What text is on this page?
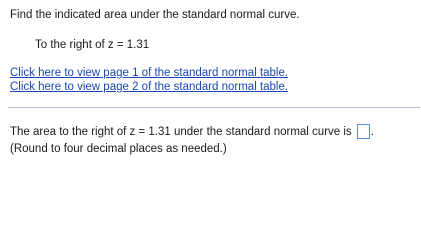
Find the indicated area under the standard normal curve.
To the right of z = 1.31
Click here to view page 1 of the standard normal table.
Click here to view page 2 of the standard normal table.
The area to the right of z = 1.31 under the standard normal curve is .
(Round to four decimal places as needed.)
